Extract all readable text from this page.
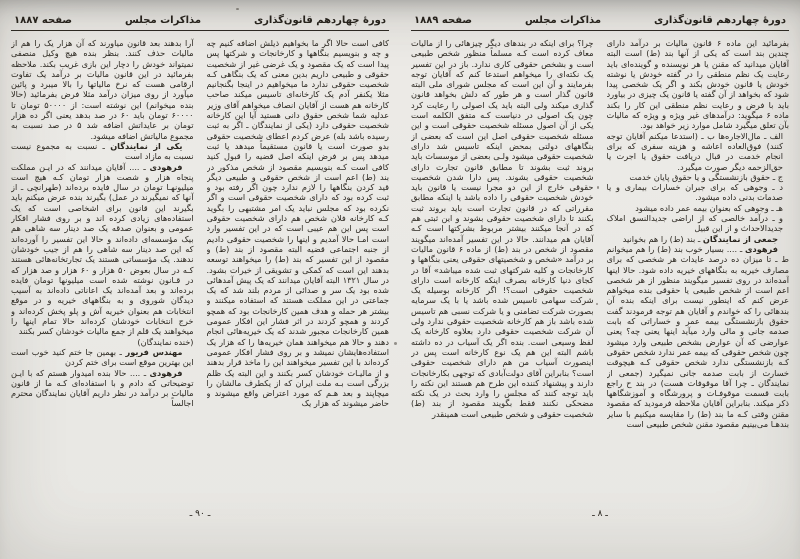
دورهٔ چهاردهم قانون‌گذاری
مذاکرات مجلس
صفحه ۱۸۸۷

کافی است حالا اگر ما بخواهیم ذیلش اضافه کنیم چه و چه و بنویسیم بنگاهها و کارخانجات و شرکتها پس پیدا است که یک مقصود و یک غرضی غیر از شخصیت حقوقی و طبیعی داریم بدین معنی که یک بنگاهی کـه شخصیت حقوقی ندارد ما میخواهیم در اینجا بگنجانیم مثلا یکنفر آدم یک کارخانه‌ای تاسیس میکند صاحب کارخانه هم هست از آقایان انصاف میخواهم آقای وزیر عدلیه شما شخص حقوق دانی هستید آیا این کارخانه شخصیت حقوقی دارد (یکی از نمایندگان ـ اگر به ثبت رسیده باشد بله) عرض کردم اعطای شخصیت حقوقی بدو صورت است یا قانون مستقیماً میدهد یا ثبت میدهد پس بر فرض اینکه اصل قضیه را قبول کنید کافی است کـه بنویسیم مقصود از شخص مذکور در بند (ط) اعم است از شخص حقوقی و طبیعی دیگر قید کردن بنگاهها را لازم ندارد چون اگر رفته بود و ثبت کرده بود که دارای شخصیت حقوقی است و اگر نکرده بود که مجلس نباید یک امر مشتبهی را بگوید کـه کارخانه فلان شخص هم دارای شخصیت حقوقی است پس این هم عیبی است که در این تفسیر وارد است امـا حالا آمدیم و اینها را شخصیت حقوقی دادیم از جنبه اجتماعی قضیه البته مقصود از بند (ط) و مقصود از این تفسیر که بند (ط) را میخواهند توسعه بدهند این است که کمکی و تشویقی از خیرات بشود. در سال ۱۳۲۱ البته آقایان میدانند که یک پیش آمدهائی شده بود یک سر و صدائی از مردم بلند شد که یک جماعتی در این مملکت هستند که استفاده میکنند و بیشتر هر حمله و هدف همین کارخانجات بود که همچو کردند و همچو کردند در اثر فشار این افکار عمومی همین کارخانجات مجبور شدند که یک خیریه‌هائی انجام دهند و حالا هم میخواهند همان خیریه‌ها را که هزار یک استفاده‌هایشان نمیشد و بر روی فشار افکار عمومی کرده‌اند با این تفسیر میخواهند این را ماخذ قرار بدهند و از مالیـات خودشان کسر بکنند و این البته یک ظلم بزرگی است بـه ملت ایران که از یکطرف مالشان را میچاپند و بعد هـم که مورد اعتراض واقع میشوند و حاضر میشوند که هزار یک

آرا بدهند بعد قانون میاورند که آن هزار یک را هم از مالیات حذف کنند. بنظر بنده هیچ وکیل منصفی نمیتواند خودش را دچار این بازی غریب بکند. ملاحظه بفرمائید در این قانون مالیات بر درآمد یک تفاوت ارقامی هست که نرخ مالیاتها را بالا میبرد و پائین میآورد از روی میزان درآمد مثلا فرض بفرمائید (حالا بنده میخوانم) این نوشته است: از ۵۰۰۰۰ تومان تا ۶۰۰۰۰ تومان باید ۶۰ در صد بدهد یعنی اگر ده هزار تومان بر عایداتش اضافه شد ۵ در صد نسبت به مجموع مالیاتش اضافه میشود.

یکی از نمایندگان ـ نسبت به مجموع نیست نسبت به مازاد است

فرهودی ـ .... آقایان میدانند که در ایـن مملکت پنجاه هزار و شصت هزار تومان کـه هیچ است میلیونهـا تومان در سال فایده برده‌اند (طهرانچی ـ از آنها که نمیگیرند در عمل) بگیرند بنده عرض میکنم باید بگیرند این قانون برای اشخاصی است که یک استفاده‌های زیادی کرده اند و بر روی فشار افکار عمومی و بعنوان صدقه یک صد دینار سه شاهی هم بیک مؤسسه‌ای داده‌اند و حالا این تفسیر را آورده‌اند که این صد دینار سه شاهی را هم از جیب خودشان ندهند. یک مؤسساتی هستند یک تجارتخانه‌هائی هستند کـه در سال بعوض ۵۰ هزار و ۶۰ هزار و صد هزار که در قـانون نوشته شده است میلیونها تومان فایده برده‌اند و بعد آمده‌اند یک اعاناتی داده‌اند به آسیب دیدگان شوروی و به بنگاههای خیریه و در موقع انتخابات هم بعنوان خیریه آش و پلو پخش کرده‌اند و خرج انتخابات خودشان کرده‌اند حالا تمام اینها را میخواهند یک قلم از جمع مالیات خودشان کسر بکنند

(خنده نمایندگان)

مهندس فریور ـ بهمین جا ختم کنید خوب است این بهترین موقع است برای ختم کردن

فرهودی ـ .... حالا بنده امیدوار هستم که با ایـن توضیحاتی که دادم و با استفاده‌ای کـه ما از قانون مالیات بر درآمد در نظر داریم آقایان نمایندگان محترم اجالساً

ـ ۹۰ ـ
دورهٔ چهاردهم قانون‌گذاری
مذاکرات مجلس
صفحه ۱۸۸۹

بفرمائید این ماده ۶ قانون مالیات بر درآمد دارای چندین بند است که یکی از آنها بند (ط) است البته آقایان میدانید که مقنن یا هر نویسنده و گوینده‌ای باید رعایت یک نظم منطقی را در گفته خودش یا نوشته خودش یا قانون خودش بکند و اگر یک شخصی پیدا شود که بخواهد از آن گفته یا قانون یک چیزی در بیاورد باید با فرض و رعایت نظم منطقی این کار را بکند ماده ۶ میگوید: درآمدهای غیر ویژه و ویژه که مالیات بآن تعلق میگیرد شامل موارد زیر خواهد بود.

الف ـ مال‌الاجاره‌ها ب ـ (استدعا میکنم آقایان توجه کنند) فوق‌العاده اعاشه و هزینه سفری که برای انجام خدمت در قبال دریافت حقوق یا اجرت یا حق‌الزحمه دیگر صورت میگیرد.

ج ـ حقوق بازنشستگی و یا حقوق پایان خدمت

د ـ وجوهی که برای جبران خسارات بیماری و یا صدمات بدنی داده میشود.

هـ ـ وجوهی که بعنوان بیمه عمر داده میشود

و ـ درآمد خالصی که از اراضی جدیدالنسق املاک جدیدالاحداث و از این قبیل

جمعی از نمایندگان ـ بند (ط) را هم بخوانید

فرهودی ـ .... بسیار خوب بند (ط) را هم میخوانم ط ـ تا میزان ده درصد عایدات هر شخصی که برای مصارف خیریه به بنگاههای خیریه داده شود. حالا اینها آمده‌اند در روی تفسیر میگویند منظور از هر شخصی اعم است از شخص طبیعی یا حقوقی بنده میخواهم عرض کنم که اینطور نیست برای اینکه بنده آن بندهائی را که خواندم و آقایان هم توجه فرمودند گفت حقوق بازنشستگی بیمه عمر و خساراتی که بابت صدمه جانی و مالی وارد میآید اینها یعنی چه؟ یعنی عوارضی که آن عوارض بشخص طبیعی وارد میشود چون شخص حقوقی که بیمه عمر ندارد شخص حقوقی کـه بازنشستگی ندارد شخص حقوقی کـه هیچوقت خسارت از بابت صدمه جانی نمیگیرد (جمعی از نمایندگان ـ چرا آقا موقوفات هست) در بند ح راجع بابت قسمت موقوفـات و پرورشگاه و آموزشگاهها ذکر میکند. بنابراین آقایان ملاحظه فرمودید که مقصود مقنن وقتی کـه ما بند (ط) را مقایسه میکنیم با سایر بندهـا می‌بینیم مقصود مقنن شخص طبیعی است

چرا؟ برای اینکه در بندهای دیگر چیزهائی را از مالیات معاف کرده است کـه مسلماً منظور شخص طبیعی است و بشخص حقوقی کاری ندارد. باز در این تفسیر یک نکته‌ای را میخواهم استدعا کنم که آقایان توجه بفرمایند و آن این است که مجلس شورای ملی البته قانون گذار است و هر طور که دلش بخواهد قانون گذاری میکند ولی البته باید یک اصولی را رعایت کرد چون یک اصولی در دنیاست کـه متفق الکلمه است یکی از آن اصول مسئله شخصیت حقوقی است و این مسئله شخصیت حقوقی اصل این است که بعضی از بنگاههای دولتی بمحض اینکه تاسیس شد دارای شخصیت حقوقی میشود ولـی بعضی از موسسات باید بروند ثبت بشوند تا مطابق قانون تجارت دارای شخصیت حقوقی بشوند. پس دارا شدن شخصیت حقوقی خارج از این دو مجرا نیست یا قانون باید خودش شخصیت حقوقی را داده باشد یا اینکه مطابق مقرراتی که در قانون تجارت است باید بروند ثبت بکنند تا دارای شخصیت حقوقی بشوند و این ثبتی هم که در آنجا میکنند بیشتر مربوط بشرکتها است کـه آقایان هم میدانند. حالا در این تفسیر آمده‌اند میگویند مقصود از شخص در بند (ط) از ماده ۶ قانون مالیات بر درآمد «شخص و شخصیتهای حقوقی یعنی بنگاهها و کارخانجات و کلیه شرکتهای ثبت شده میباشد» آقا در کجای دنیا کارخانه بصرف اینکه کارخانه است دارای شخصیت حقوقی است؟! اگر کارخانه بوسیله یک شرکت سهامی تاسیس شده باشد یا با یک سرمایه بصورت شرکت تضامنی و یا شرکت نسبی هم تاسیس شده باشد باز هم کارخانه شخصیت حقوقی ندارد ولی آن شرکت شخصیت حقوقی دارد بعلاوه کارخانه یک لفظ وسیعی است. بنده اگر یک آسیاب در ده داشته باشم البته این هم یک نوع کارخانه است پس در اینصورت آسیاب من هم دارای شخصیت حقوقی است؟ بنابراین آقای دولت‌آبادی که توجهی بکارخانجات دارند و پیشنهاد کننده این طرح هم هستند این نکته را باید توجه کنند که مجلس را وارد بحث در یک نکته مضحکی نکنند فقط بگویند مقصود از بند (ط) شخصیت حقوقی و شخص طبیعی است همینقدر

ـ ۸ ـ
